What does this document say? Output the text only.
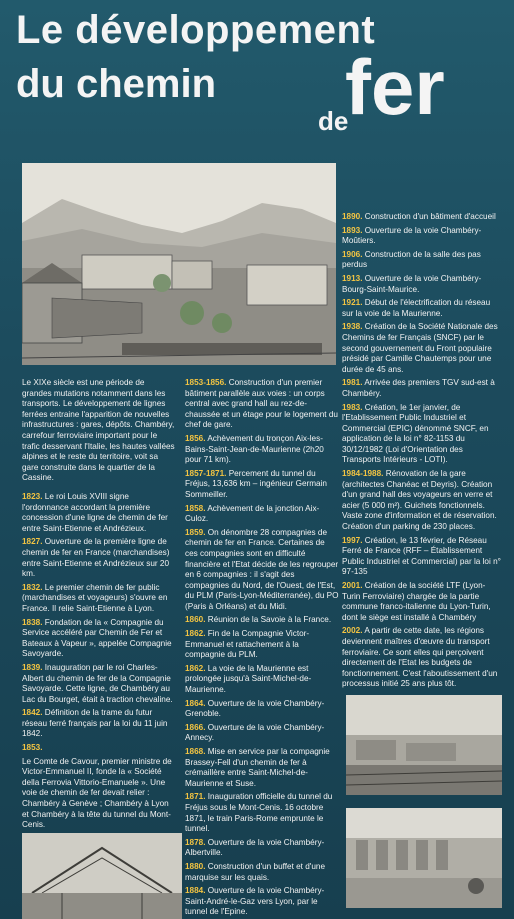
Le développement
du chemin
de
fer

Le XIXe siècle est une période de grandes mutations notamment dans les transports. Le développement de lignes ferrées entraine l'apparition de nouvelles infrastructures : gares, dépôts. Chambéry, carrefour ferroviaire important pour le trafic desservant l'Italie, les hautes vallées alpines et le reste du territoire, voit sa gare construite dans le quartier de la Cassine.

1823. Le roi Louis XVIII signe l'ordonnance accordant la première concession d'une ligne de chemin de fer entre Saint-Etienne et Andrézieux.

1827. Ouverture de la première ligne de chemin de fer en France (marchandises) entre Saint-Etienne et Andrézieux sur 20 km.

1832. Le premier chemin de fer public (marchandises et voyageurs) s'ouvre en France. Il relie Saint-Etienne à Lyon.

1838. Fondation de la « Compagnie du Service accéléré par Chemin de Fer et Bateaux à Vapeur », appelée Compagnie Savoyarde.

1839. Inauguration par le roi Charles-Albert du chemin de fer de la Compagnie Savoyarde. Cette ligne, de Chambéry au Lac du Bourget, était à traction chevaline.

1842. Définition de la trame du futur réseau ferré français par la loi du 11 juin 1842.

1853.

Le Comte de Cavour, premier ministre de Victor-Emmanuel II, fonde la « Société della Ferrovia Vittorio-Emanuele ». Une voie de chemin de fer devait relier : Chambéry à Genève ; Chambéry à Lyon et Chambéry à la tête du tunnel du Mont-Cenis.

1853-1856. Construction d'un premier bâtiment parallèle aux voies : un corps central avec grand hall au rez-de-chaussée et un étage pour le logement du chef de gare.

1856. Achèvement du tronçon Aix-les-Bains-Saint-Jean-de-Maurienne (2h20 pour 71 km).

1857-1871. Percement du tunnel du Fréjus, 13,636 km – ingénieur Germain Sommeiller.

1858. Achèvement de la jonction Aix-Culoz.

1859. On dénombre 28 compagnies de chemin de fer en France. Certaines de ces compagnies sont en difficulté financière et l'Etat décide de les regrouper en 6 compagnies : il s'agit des compagnies du Nord, de l'Ouest, de l'Est, du PLM (Paris-Lyon-Méditerranée), du PO (Paris à Orléans) et du Midi.

1860. Réunion de la Savoie à la France.

1862. Fin de la Compagnie Victor-Emmanuel et rattachement à la compagnie du PLM.

1862. La voie de la Maurienne est prolongée jusqu'à Saint-Michel-de-Maurienne.

1864. Ouverture de la voie Chambéry-Grenoble.

1866. Ouverture de la voie Chambéry-Annecy.

1868. Mise en service par la compagnie Brassey-Fell d'un chemin de fer à crémaillère entre Saint-Michel-de-Maurienne et Suse.

1871. Inauguration officielle du tunnel du Fréjus sous le Mont-Cenis. 16 octobre 1871, le train Paris-Rome emprunte le tunnel.

1878. Ouverture de la voie Chambéry-Albertville.

1880. Construction d'un buffet et d'une marquise sur les quais.

1884. Ouverture de la voie Chambéry-Saint-André-le-Gaz vers Lyon, par le tunnel de l'Epine.

1890. Construction d'un bâtiment d'accueil

1893. Ouverture de la voie Chambéry-Moûtiers.

1906. Construction de la salle des pas perdus

1913. Ouverture de la voie Chambéry-Bourg-Saint-Maurice.

1921. Début de l'électrification du réseau sur la voie de la Maurienne.

1938. Création de la Société Nationale des Chemins de fer Français (SNCF) par le second gouvernement du Front populaire présidé par Camille Chautemps pour une durée de 45 ans.

1981. Arrivée des premiers TGV sud-est à Chambéry.

1983. Création, le 1er janvier, de l'Etablissement Public Industriel et Commercial (EPIC) dénommé SNCF, en application de la loi n° 82-1153 du 30/12/1982 (Loi d'Orientation des Transports Intérieurs - LOTI).

1984-1988. Rénovation de la gare (architectes Chanéac et Deyris). Création d'un grand hall des voyageurs en verre et acier (5 000 m²). Guichets fonctionnels. Vaste zone d'information et de réservation. Création d'un parking de 230 places.

1997. Création, le 13 février, de Réseau Ferré de France (RFF – Établissement Public Industriel et Commercial) par la loi n° 97-135

2001. Création de la société LTF (Lyon-Turin Ferroviaire) chargée de la partie commune franco-italienne du Lyon-Turin, dont le siège est installé à Chambéry

2002. A partir de cette date, les régions deviennent maîtres d'œuvre du transport ferroviaire. Ce sont elles qui perçoivent directement de l'Etat les budgets de fonctionnement. C'est l'aboutissement d'un processus initié 25 ans plus tôt.
